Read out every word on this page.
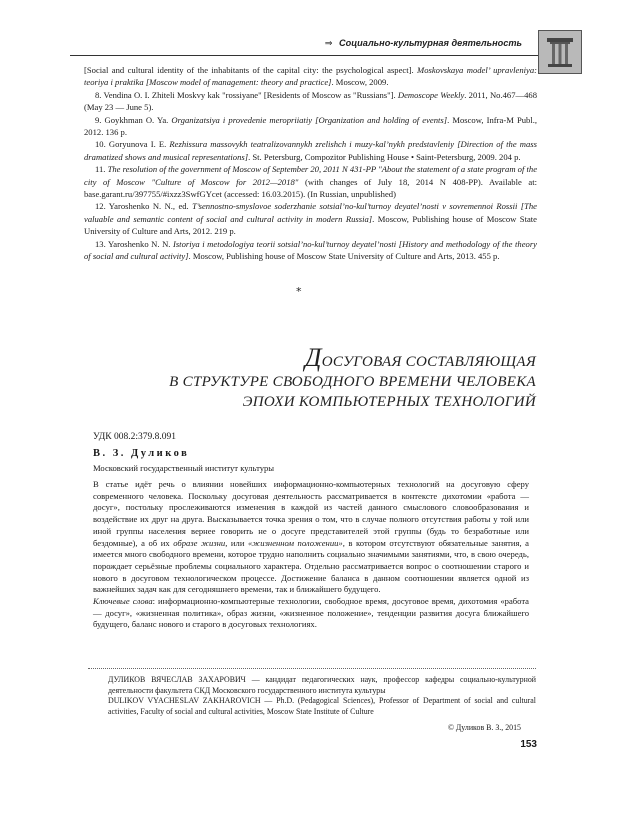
⇒ Социально-культурная деятельность

[Social and cultural identity of the inhabitants of the capital city: the psychological aspect]. Moskovskaya model’ upravleniya: teoriya i praktika [Moscow model of management: theory and practice]. Moscow, 2009.

8. Vendina O. I. Zhiteli Moskvy kak "rossiyane" [Residents of Moscow as "Russians"]. Demoscope Weekly. 2011, No.467—468 (May 23 — June 5).

9. Goykhman O. Ya. Organizatsiya i provedenie meropriiatiy [Organization and holding of events]. Moscow, Infra-M Publ., 2012. 136 p.

10. Goryunova I. E. Rezhissura massovykh teatralizovannykh zrelishch i muzy-kal’nykh predstavleniy [Direction of the mass dramatized shows and musical representations]. St. Petersburg, Compozitor Publishing House • Saint-Petersburg, 2009. 204 p.

11. The resolution of the government of Moscow of September 20, 2011 N 431-PP "About the statement of a state program of the city of Moscow "Culture of Moscow for 2012—2018" (with changes of July 18, 2014 N 408-PP). Available at: base.garant.ru/397755/#ixzz3SwfGYcet (accessed: 16.03.2015). (In Russian, unpublished)

12. Yaroshenko N. N., ed. T’sennostno-smyslovoe soderzhanie sotsial’no-kul’turnoy deyatel’nosti v sovremennoi Rossii [The valuable and semantic content of social and cultural activity in modern Russia]. Moscow, Publishing house of Moscow State University of Culture and Arts, 2012. 219 p.

13. Yaroshenko N. N. Istoriya i metodologiya teorii sotsial’no-kul’turnoy deyatel’nosti [History and methodology of the theory of social and cultural activity]. Moscow, Publishing house of Moscow State University of Culture and Arts, 2013. 455 p.

*
ДОСУГОВАЯ СОСТАВЛЯЮЩАЯ
В СТРУКТУРЕ СВОБОДНОГО ВРЕМЕНИ ЧЕЛОВЕКА
ЭПОХИ КОМПЬЮТЕРНЫХ ТЕХНОЛОГИЙ
УДК 008.2:379.8.091
В. З. Дуликов
Московский государственный институт культуры

В статье идёт речь о влиянии новейших информационно-компьютерных технологий на досуговую сферу современного человека. Поскольку досуговая деятельность рассматривается в контексте дихотомии «работа — досуг», постольку прослеживаются изменения в каждой из частей данного смыслового словообразования и воздействие их друг на друга. Высказывается точка зрения о том, что в случае полного отсутствия работы у той или иной группы населения вернее говорить не о досуге представителей этой группы (будь то безработные или бездомные), а об их образе жизни, или «жизненном положении», в котором отсутствуют обязательные занятия, а имеется много свободного времени, которое трудно наполнить социально значимыми занятиями, что, в свою очередь, порождает серьёзные проблемы социального характера. Отдельно рассматривается вопрос о соотношении старого и нового в досуговом технологическом процессе. Достижение баланса в данном соотношении является одной из важнейших задач как для сегодняшнего времени, так и ближайшего будущего.

Ключевые слова: информационно-компьютерные технологии, свободное время, досуговое время, дихотомия «работа — досуг», «жизненная политика», образ жизни, «жизненное положение», тенденции развития досуга ближайшего будущего, баланс нового и старого в досуговых технологиях.

ДУЛИКОВ ВЯЧЕСЛАВ ЗАХАРОВИЧ — кандидат педагогических наук, профессор кафедры социально-культурной деятельности факультета СКД Московского государственного института культуры

DULIKOV VYACHESLAV ZAKHAROVICH — Ph.D. (Pedagogical Sciences), Professor of Department of social and cultural activities, Faculty of social and cultural activities, Moscow State Institute of Culture

© Дуликов В. З., 2015
153
